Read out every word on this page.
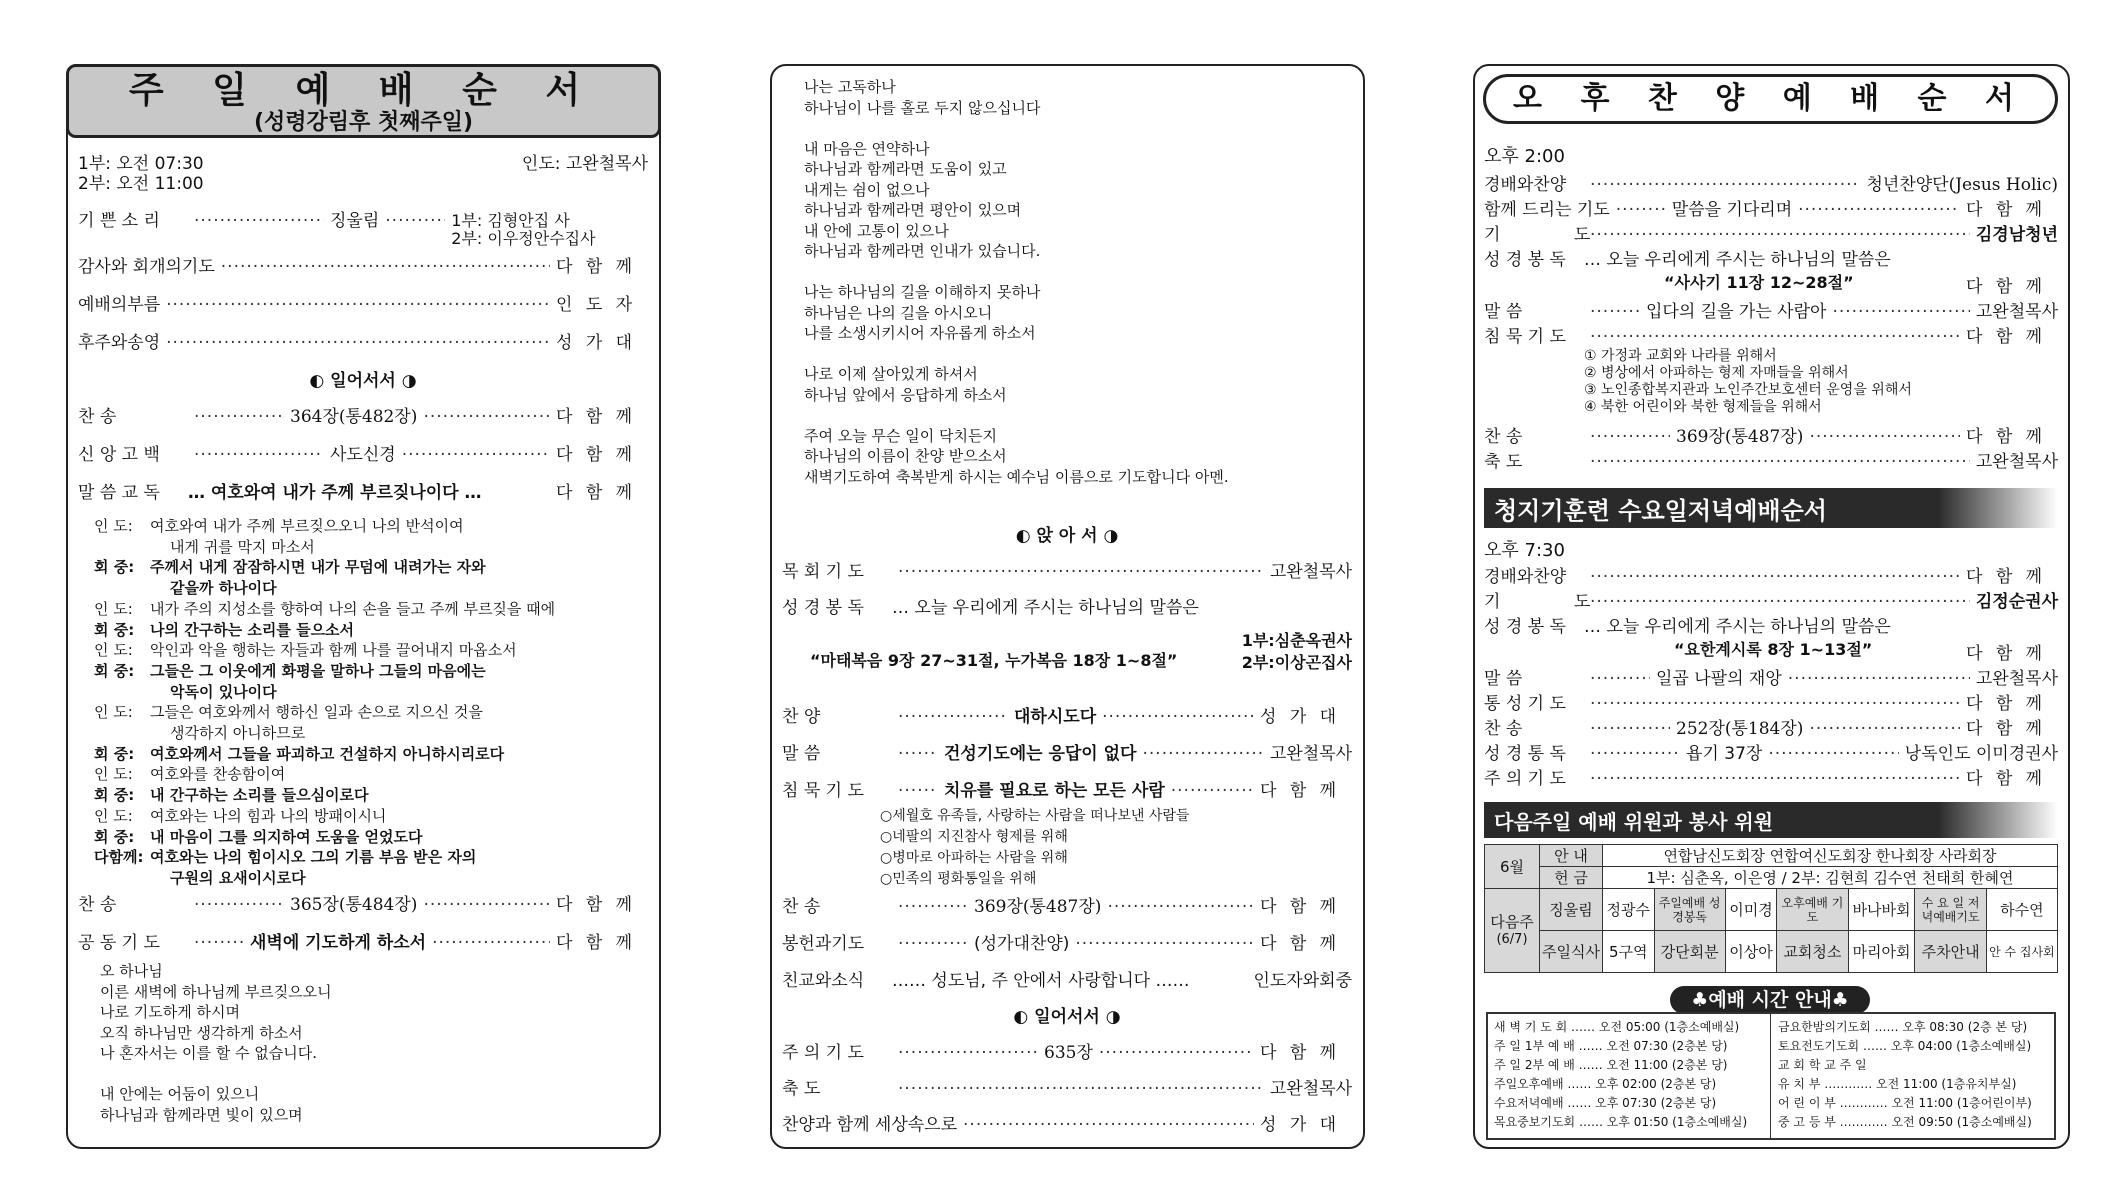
주 일 예 배 순 서
(성령강림후 첫째주일)
1부: 오전 07:30
2부: 오전 11:00
인도: 고완철목사
기 쁜 소 리 ·····	징울림 ·····	1부: 김형안집 사
2부: 이우정안수집사
감사와 회개의기도 ·····	다 함 께
예배의부름 ·····	인 도 자
후주와송영 ·····	성 가 대
◐ 일어서서 ◑
찬 송 ·····	364장(통482장) ·····	다 함 께
신 앙 고 백 ·····	사도신경 ·····	다 함 께
말 씀 교 독	… 여호와여 내가 주께 부르짖나이다 …	다 함 께
인 도: 여호와여 내가 주께 부르짖으오니 나의 반석이여
내게 귀를 막지 마소서
회 중: 주께서 내게 잠잠하시면 내가 무덤에 내려가는 자와
같을까 하나이다
인 도: 내가 주의 지성소를 향하여 나의 손을 들고 주께 부르짖을 때에
회 중: 나의 간구하는 소리를 들으소서
인 도: 악인과 악을 행하는 자들과 함께 나를 끌어내지 마옵소서
회 중: 그들은 그 이웃에게 화평을 말하나 그들의 마음에는
악독이 있나이다
인 도: 그들은 여호와께서 행하신 일과 손으로 지으신 것을
생각하지 아니하므로
회 중: 여호와께서 그들을 파괴하고 건설하지 아니하시리로다
인 도: 여호와를 찬송함이여
회 중: 내 간구하는 소리를 들으심이로다
인 도: 여호와는 나의 힘과 나의 방패이시니
회 중: 내 마음이 그를 의지하여 도움을 얻었도다
다함께: 여호와는 나의 힘이시오 그의 기름 부음 받은 자의
구원의 요새이시로다
찬 송 ·····	365장(통484장) ·····	다 함 께
공 동 기 도 ·····	새벽에 기도하게 하소서 ·····	다 함 께
오 하나님
이른 새벽에 하나님께 부르짖으오니
나로 기도하게 하시며
오직 하나님만 생각하게 하소서
나 혼자서는 이를 할 수 없습니다.

내 안에는 어둠이 있으니
하나님과 함께라면 빛이 있으며
나는 고독하나
하나님이 나를 홀로 두지 않으십니다

내 마음은 연약하나
하나님과 함께라면 도움이 있고
내게는 쉼이 없으나
하나님과 함께라면 평안이 있으며
내 안에 고통이 있으나
하나님과 함께라면 인내가 있습니다.

나는 하나님의 길을 이해하지 못하나
하나님은 나의 길을 아시오니
나를 소생시키시어 자유롭게 하소서

나로 이제 살아있게 하셔서
하나님 앞에서 응답하게 하소서

주여 오늘 무슨 일이 닥치든지
하나님의 이름이 찬양 받으소서
새벽기도하여 축복받게 하시는 예수님 이름으로 기도합니다 아멘.
◐ 앉 아 서 ◑
목 회 기 도 ·····	고완철목사
성 경 봉 독	… 오늘 우리에게 주시는 하나님의 말씀은
“마태복음 9장 27~31절, 누가복음 18장 1~8절”
1부:심춘옥권사
2부:이상곤집사
찬 양 ·····	대하시도다 ·····	성 가 대
말 씀 ·····	건성기도에는 응답이 없다 ·····	고완철목사
침 묵 기 도 ·····	치유를 필요로 하는 모든 사람 ·····	다 함 께
○세월호 유족들, 사랑하는 사람을 떠나보낸 사람들
○네팔의 지진참사 형제를 위해
○병마로 아파하는 사람을 위해
○민족의 평화통일을 위해
찬 송 ·····	369장(통487장) ·····	다 함 께
봉헌과기도 ·····	(성가대찬양) ·····	다 함 께
친교와소식	…… 성도님, 주 안에서 사랑합니다 ……	인도자와회중
◐ 일어서서 ◑
주 의 기 도 ·····	635장 ·····	다 함 께
축 도 ·····	고완철목사
찬양과 함께 세상속으로 ·····	성 가 대
오 후 찬 양 예 배 순 서
오후 2:00
경배와찬양 ·····	청년찬양단(Jesus Holic)
함께 드리는 기도 ·····	말씀을 기다리며 ·····	다 함 께
기 도 ·····	김경남청년
성 경 봉 독	… 오늘 우리에게 주시는 하나님의 말씀은
“사사기 11장 12~28절”	다 함 께
말 씀 ·····	입다의 길을 가는 사람아 ·····	고완철목사
침 묵 기 도 ·····	다 함 께
① 가정과 교회와 나라를 위해서
② 병상에서 아파하는 형제 자매들을 위해서
③ 노인종합복지관과 노인주간보호센터 운영을 위해서
④ 북한 어린이와 북한 형제들을 위해서
찬 송 ·····	369장(통487장) ·····	다 함 께
축 도 ·····	고완철목사
청지기훈련 수요일저녁예배순서
오후 7:30
경배와찬양 ·····	다 함 께
기 도 ·····	김정순권사
성 경 봉 독	… 오늘 우리에게 주시는 하나님의 말씀은
“요한계시록 8장 1~13절”	다 함 께
말 씀 ·····	일곱 나팔의 재앙 ·····	고완철목사
통 성 기 도 ·····	다 함 께
찬 송 ·····	252장(통184장) ·····	다 함 께
성 경 통 독 ·····	욥기 37장 ·····	낭독인도 이미경권사
주 의 기 도 ·····	다 함 께
다음주일 예배 위원과 봉사 위원
6월	안 내	연합남신도회장 연합여신도회장 한나회장 사라회장						
	헌 금	1부: 심춘옥, 이은영 / 2부: 김현희 김수연 천태희 한혜연						

다음주
(6/7)	징울림	정광수	주일예배 성경봉독	이미경	오후예배 기 도	바나바회	수 요 일 저녁예배기도	하수연
	주일식사	5구역	강단회분	이상아	교회청소	마리아회	주차안내	안 수 집사회
♣예배 시간 안내♣
새 벽 기 도 회 …… 오전 05:00 (1층소예배실)
주 일 1부 예 배 …… 오전 07:30 (2층본 당)
주 일 2부 예 배 …… 오전 11:00 (2층본 당)
주일오후예배 …… 오후 02:00 (2층본 당)
수요저녁예배 …… 오후 07:30 (2층본 당)
목요중보기도회 …… 오후 01:50 (1층소예배실)
금요한밤의기도회 …… 오후 08:30 (2층 본 당)
토요전도기도회 …… 오후 04:00 (1층소예배실)
교 회 학 교 주 일
유 치 부 ………… 오전 11:00 (1층유치부실)
어 린 이 부 ………… 오전 11:00 (1층어린이부)
중 고 등 부 ………… 오전 09:50 (1층소예배실)
